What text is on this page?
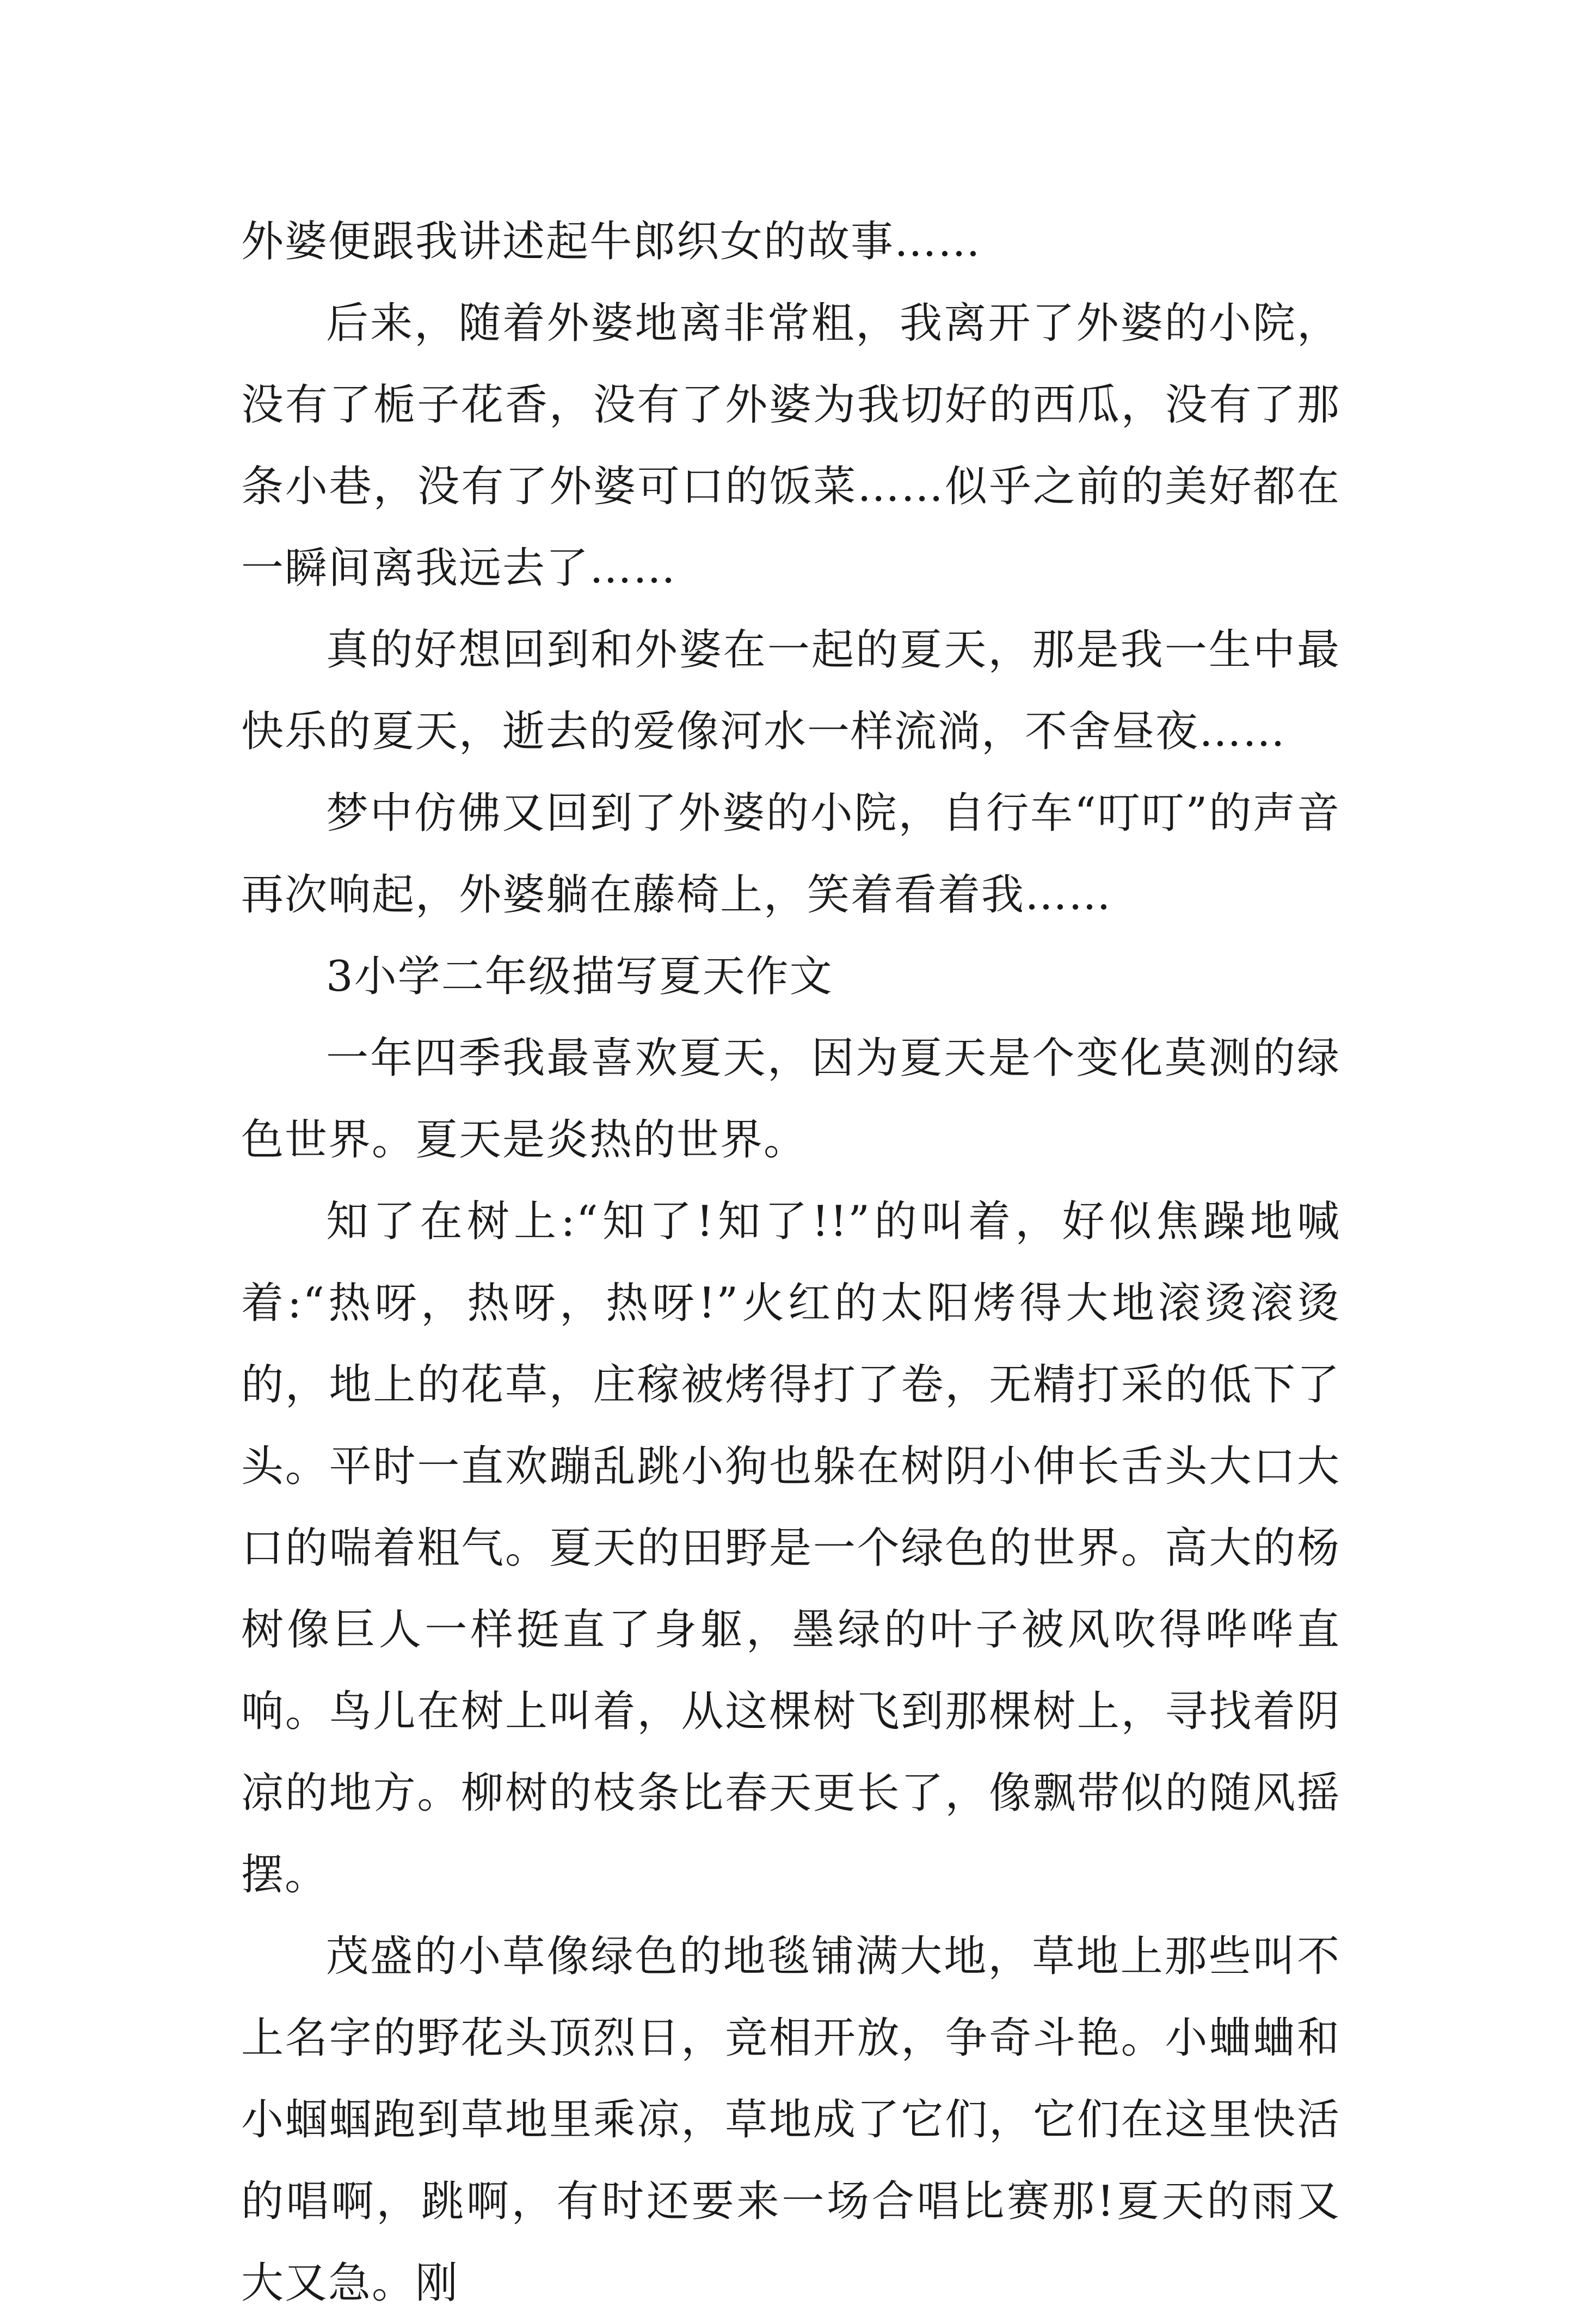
外婆便跟我讲述起牛郎织女的故事……

后来，随着外婆地离非常粗，我离开了外婆的小院，没有了栀子花香，没有了外婆为我切好的西瓜，没有了那条小巷，没有了外婆可口的饭菜……似乎之前的美好都在一瞬间离我远去了……

真的好想回到和外婆在一起的夏天，那是我一生中最快乐的夏天，逝去的爱像河水一样流淌，不舍昼夜……

梦中仿佛又回到了外婆的小院，自行车“叮叮”的声音再次响起，外婆躺在藤椅上，笑着看着我……

3小学二年级描写夏天作文

一年四季我最喜欢夏天，因为夏天是个变化莫测的绿色世界。夏天是炎热的世界。

知了在树上:“知了!知了!!”的叫着，好似焦躁地喊着:“热呀，热呀，热呀!”火红的太阳烤得大地滚烫滚烫的，地上的花草，庄稼被烤得打了卷，无精打采的低下了头。平时一直欢蹦乱跳小狗也躲在树阴小伸长舌头大口大口的喘着粗气。夏天的田野是一个绿色的世界。高大的杨树像巨人一样挺直了身躯，墨绿的叶子被风吹得哗哗直响。鸟儿在树上叫着，从这棵树飞到那棵树上，寻找着阴凉的地方。柳树的枝条比春天更长了，像飘带似的随风摇摆。

茂盛的小草像绿色的地毯铺满大地，草地上那些叫不上名字的野花头顶烈日，竞相开放，争奇斗艳。小蛐蛐和小蝈蝈跑到草地里乘凉，草地成了它们，它们在这里快活的唱啊，跳啊，有时还要来一场合唱比赛那!夏天的雨又大又急。刚
